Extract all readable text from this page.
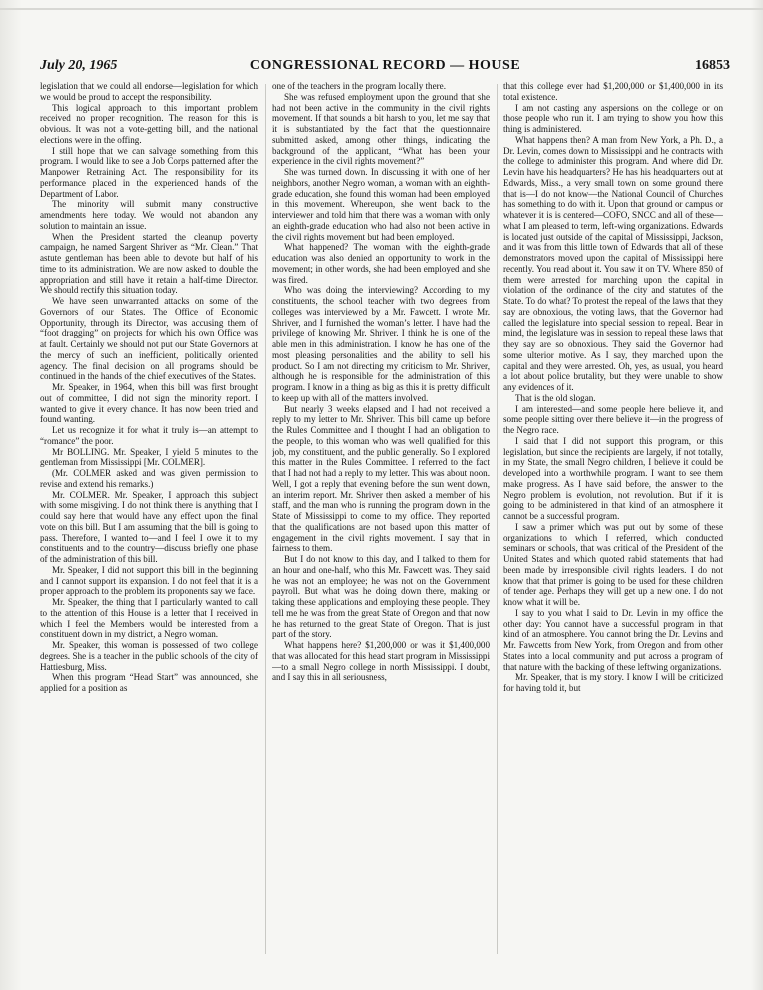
July 20, 1965	CONGRESSIONAL RECORD — HOUSE	16853

legislation that we could all endorse—legislation for which we would be proud to accept the responsibility.

This logical approach to this important problem received no proper recognition. The reason for this is obvious. It was not a vote-getting bill, and the national elections were in the offing.

I still hope that we can salvage something from this program. I would like to see a Job Corps patterned after the Manpower Retraining Act. The responsibility for its performance placed in the experienced hands of the Department of Labor.

The minority will submit many constructive amendments here today. We would not abandon any solution to maintain an issue.

When the President started the cleanup poverty campaign, he named Sargent Shriver as “Mr. Clean.” That astute gentleman has been able to devote but half of his time to its administration. We are now asked to double the appropriation and still have it retain a half-time Director. We should rectify this situation today.

We have seen unwarranted attacks on some of the Governors of our States. The Office of Economic Opportunity, through its Director, was accusing them of “foot dragging” on projects for which his own Office was at fault. Certainly we should not put our State Governors at the mercy of such an inefficient, politically oriented agency. The final decision on all programs should be continued in the hands of the chief executives of the States.

Mr. Speaker, in 1964, when this bill was first brought out of committee, I did not sign the minority report. I wanted to give it every chance. It has now been tried and found wanting.

Let us recognize it for what it truly is—an attempt to “romance” the poor.

Mr BOLLING. Mr. Speaker, I yield 5 minutes to the gentleman from Mississippi [Mr. COLMER].

(Mr. COLMER asked and was given permission to revise and extend his remarks.)

Mr. COLMER. Mr. Speaker, I approach this subject with some misgiving. I do not think there is anything that I could say here that would have any effect upon the final vote on this bill. But I am assuming that the bill is going to pass. Therefore, I wanted to—and I feel I owe it to my constituents and to the country—discuss briefly one phase of the administration of this bill.

Mr. Speaker, I did not support this bill in the beginning and I cannot support its expansion. I do not feel that it is a proper approach to the problem its proponents say we face.

Mr. Speaker, the thing that I particularly wanted to call to the attention of this House is a letter that I received in which I feel the Members would be interested from a constituent down in my district, a Negro woman.

Mr. Speaker, this woman is possessed of two college degrees. She is a teacher in the public schools of the city of Hattiesburg, Miss.

When this program “Head Start” was announced, she applied for a position as

one of the teachers in the program locally there.

She was refused employment upon the ground that she had not been active in the community in the civil rights movement. If that sounds a bit harsh to you, let me say that it is substantiated by the fact that the questionnaire submitted asked, among other things, indicating the background of the applicant, “What has been your experience in the civil rights movement?”

She was turned down. In discussing it with one of her neighbors, another Negro woman, a woman with an eighth-grade education, she found this woman had been employed in this movement. Whereupon, she went back to the interviewer and told him that there was a woman with only an eighth-grade education who had also not been active in the civil rights movement but had been employed.

What happened? The woman with the eighth-grade education was also denied an opportunity to work in the movement; in other words, she had been employed and she was fired.

Who was doing the interviewing? According to my constituents, the school teacher with two degrees from colleges was interviewed by a Mr. Fawcett. I wrote Mr. Shriver, and I furnished the woman’s letter. I have had the privilege of knowing Mr. Shriver. I think he is one of the able men in this administration. I know he has one of the most pleasing personalities and the ability to sell his product. So I am not directing my criticism to Mr. Shriver, although he is responsible for the administration of this program. I know in a thing as big as this it is pretty difficult to keep up with all of the matters involved.

But nearly 3 weeks elapsed and I had not received a reply to my letter to Mr. Shriver. This bill came up before the Rules Committee and I thought I had an obligation to the people, to this woman who was well qualified for this job, my constituent, and the public generally. So I explored this matter in the Rules Committee. I referred to the fact that I had not had a reply to my letter. This was about noon. Well, I got a reply that evening before the sun went down, an interim report. Mr. Shriver then asked a member of his staff, and the man who is running the program down in the State of Mississippi to come to my office. They reported that the qualifications are not based upon this matter of engagement in the civil rights movement. I say that in fairness to them.

But I do not know to this day, and I talked to them for an hour and one-half, who this Mr. Fawcett was. They said he was not an employee; he was not on the Government payroll. But what was he doing down there, making or taking these applications and employing these people. They tell me he was from the great State of Oregon and that now he has returned to the great State of Oregon. That is just part of the story.

What happens here? $1,200,000 or was it $1,400,000 that was allocated for this head start program in Mississippi—to a small Negro college in north Mississippi. I doubt, and I say this in all seriousness,

that this college ever had $1,200,000 or $1,400,000 in its total existence.

I am not casting any aspersions on the college or on those people who run it. I am trying to show you how this thing is administered.

What happens then? A man from New York, a Ph. D., a Dr. Levin, comes down to Mississippi and he contracts with the college to administer this program. And where did Dr. Levin have his headquarters? He has his headquarters out at Edwards, Miss., a very small town on some ground there that is—I do not know—the National Council of Churches has something to do with it. Upon that ground or campus or whatever it is is centered—COFO, SNCC and all of these—what I am pleased to term, left-wing organizations. Edwards is located just outside of the capital of Mississippi, Jackson, and it was from this little town of Edwards that all of these demonstrators moved upon the capital of Mississippi here recently. You read about it. You saw it on TV. Where 850 of them were arrested for marching upon the capital in violation of the ordinance of the city and statutes of the State. To do what? To protest the repeal of the laws that they say are obnoxious, the voting laws, that the Governor had called the legislature into special session to repeal. Bear in mind, the legislature was in session to repeal these laws that they say are so obnoxious. They said the Governor had some ulterior motive. As I say, they marched upon the capital and they were arrested. Oh, yes, as usual, you heard a lot about police brutality, but they were unable to show any evidences of it.

That is the old slogan.

I am interested—and some people here believe it, and some people sitting over there believe it—in the progress of the Negro race.

I said that I did not support this program, or this legislation, but since the recipients are largely, if not totally, in my State, the small Negro children, I believe it could be developed into a worthwhile program. I want to see them make progress. As I have said before, the answer to the Negro problem is evolution, not revolution. But if it is going to be administered in that kind of an atmosphere it cannot be a successful program.

I saw a primer which was put out by some of these organizations to which I referred, which conducted seminars or schools, that was critical of the President of the United States and which quoted rabid statements that had been made by irresponsible civil rights leaders. I do not know that that primer is going to be used for these children of tender age. Perhaps they will get up a new one. I do not know what it will be.

I say to you what I said to Dr. Levin in my office the other day: You cannot have a successful program in that kind of an atmosphere. You cannot bring the Dr. Levins and Mr. Fawcetts from New York, from Oregon and from other States into a local community and put across a program of that nature with the backing of these leftwing organizations.

Mr. Speaker, that is my story. I know I will be criticized for having told it, but
